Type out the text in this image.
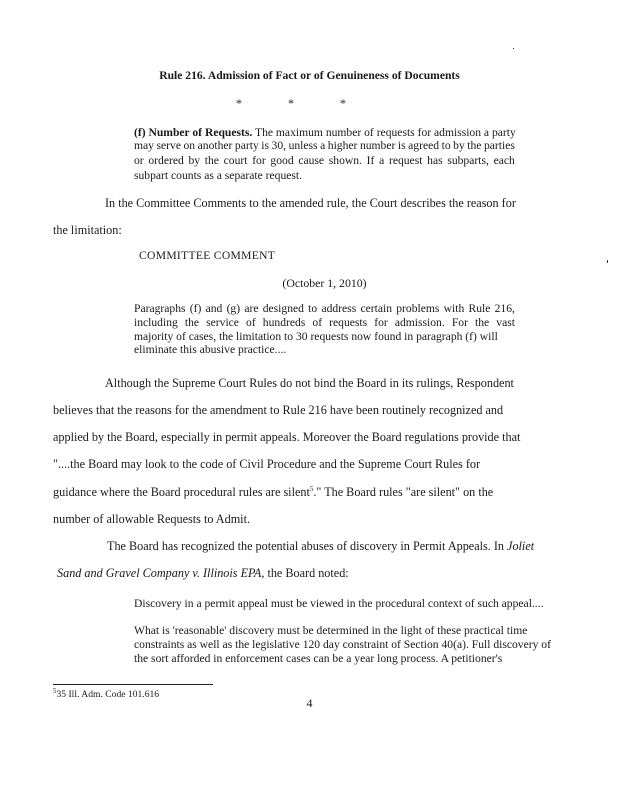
Rule 216. Admission of Fact or of Genuineness of Documents
*	*	*
(f) Number of Requests. The maximum number of requests for admission a party
may serve on another party is 30, unless a higher number is agreed to by the parties
or ordered by the court for good cause shown. If a request has subparts, each
subpart counts as a separate request.
In the Committee Comments to the amended rule, the Court describes the reason for
the limitation:
COMMITTEE COMMENT
(October 1, 2010)
Paragraphs (f) and (g) are designed to address certain problems with Rule 216,
including the service of hundreds of requests for admission. For the vast
majority of cases, the limitation to 30 requests now found in paragraph (f) will
eliminate this abusive practice....
Although the Supreme Court Rules do not bind the Board in its rulings, Respondent
believes that the reasons for the amendment to Rule 216 have been routinely recognized and
applied by the Board, especially in permit appeals. Moreover the Board regulations provide that
"....the Board may look to the code of Civil Procedure and the Supreme Court Rules for
guidance where the Board procedural rules are silent$^5$." The Board rules "are silent" on the
number of allowable Requests to Admit.
The Board has recognized the potential abuses of discovery in Permit Appeals. In Joliet
Sand and Gravel Company v. Illinois EPA, the Board noted:
Discovery in a permit appeal must be viewed in the procedural context of such appeal....
What is 'reasonable' discovery must be determined in the light of these practical time
constraints as well as the legislative 120 day constraint of Section 40(a). Full discovery of
the sort afforded in enforcement cases can be a year long process. A petitioner's
$^5$35 Ill. Adm. Code 101.616
4
